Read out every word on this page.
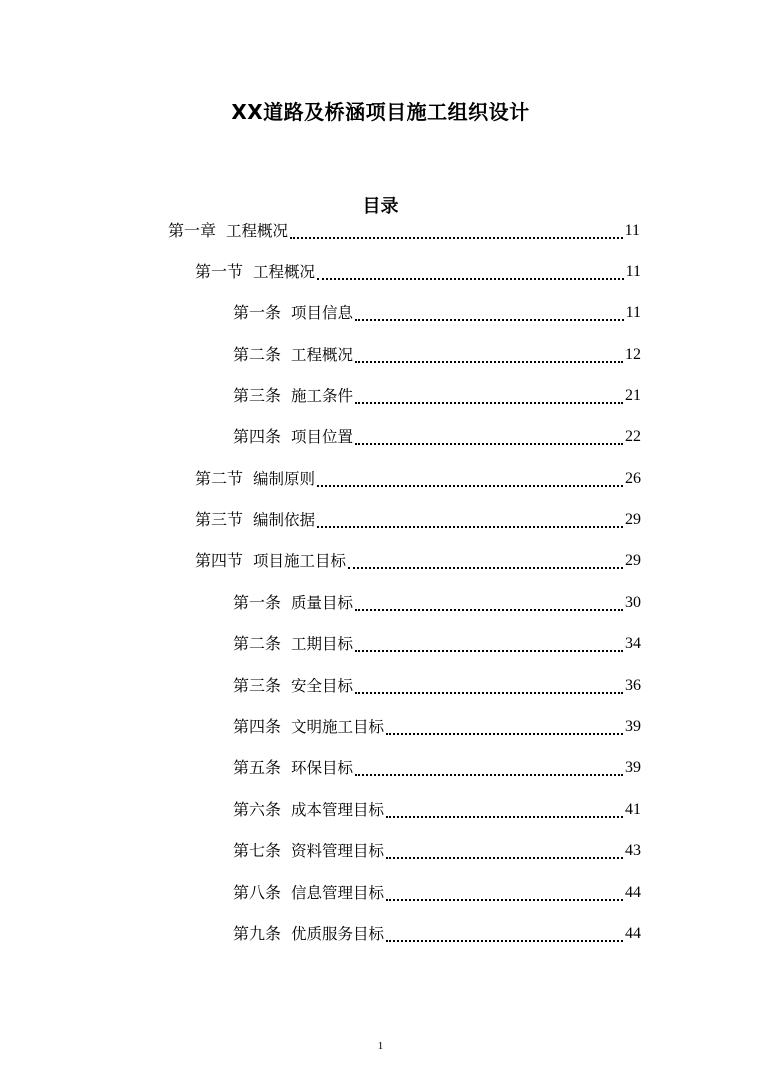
XX道路及桥涵项目施工组织设计
目录
第一章 工程概况	11
第一节 工程概况	11
第一条 项目信息	11
第二条 工程概况	12
第三条 施工条件	21
第四条 项目位置	22
第二节 编制原则	26
第三节 编制依据	29
第四节 项目施工目标	29
第一条 质量目标	30
第二条 工期目标	34
第三条 安全目标	36
第四条 文明施工目标	39
第五条 环保目标	39
第六条 成本管理目标	41
第七条 资料管理目标	43
第八条 信息管理目标	44
第九条 优质服务目标	44
1
